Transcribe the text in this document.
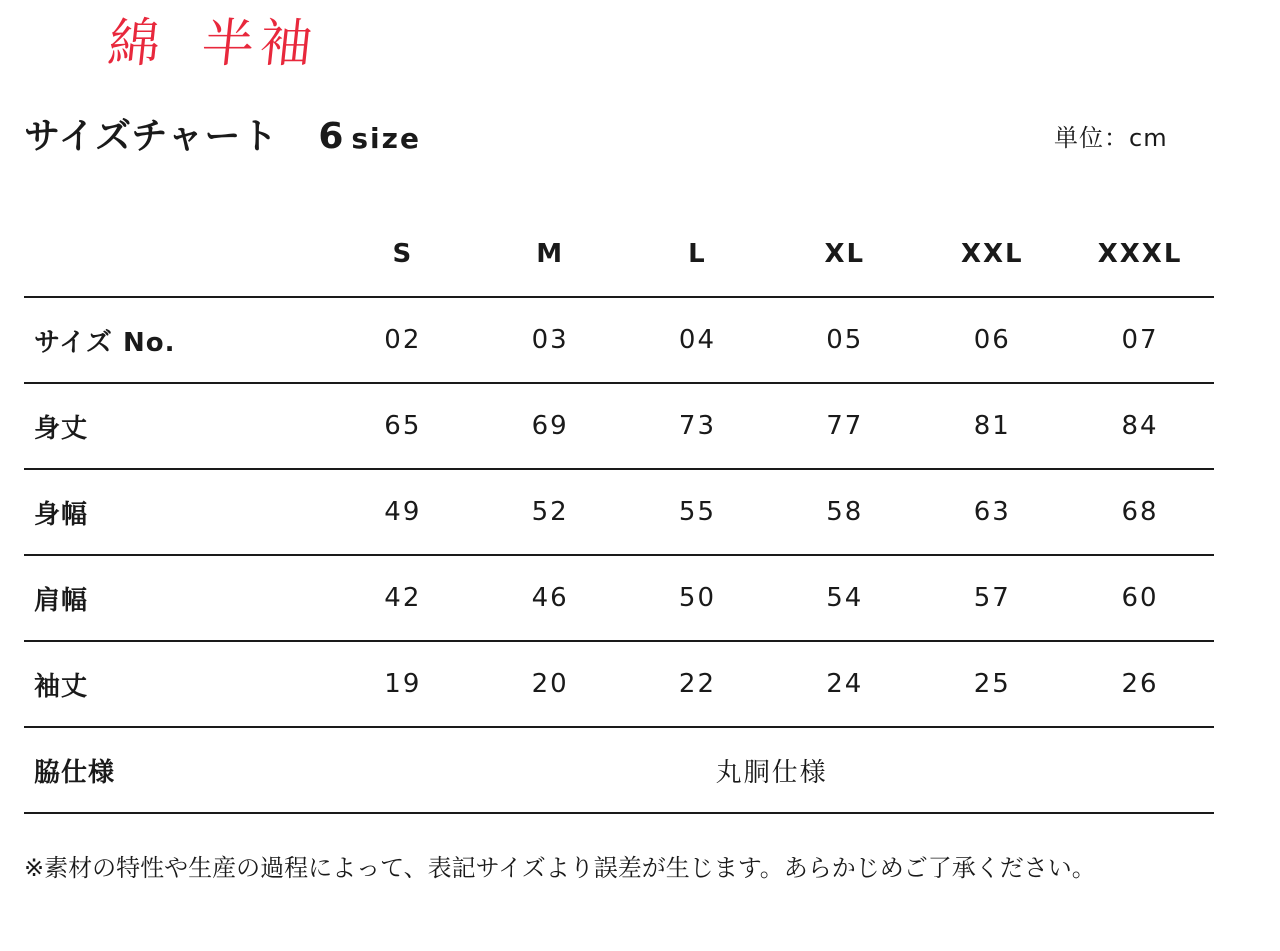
綿 半袖
サイズチャート 6 size	単位：cm
	S	M	L	XL	XXL	XXXL
サイズ No.	02	03	04	05	06	07
身丈	65	69	73	77	81	84
身幅	49	52	55	58	63	68
肩幅	42	46	50	54	57	60
袖丈	19	20	22	24	25	26
脇仕様	丸胴仕様					
※素材の特性や生産の過程によって、表記サイズより誤差が生じます。あらかじめご了承ください。
